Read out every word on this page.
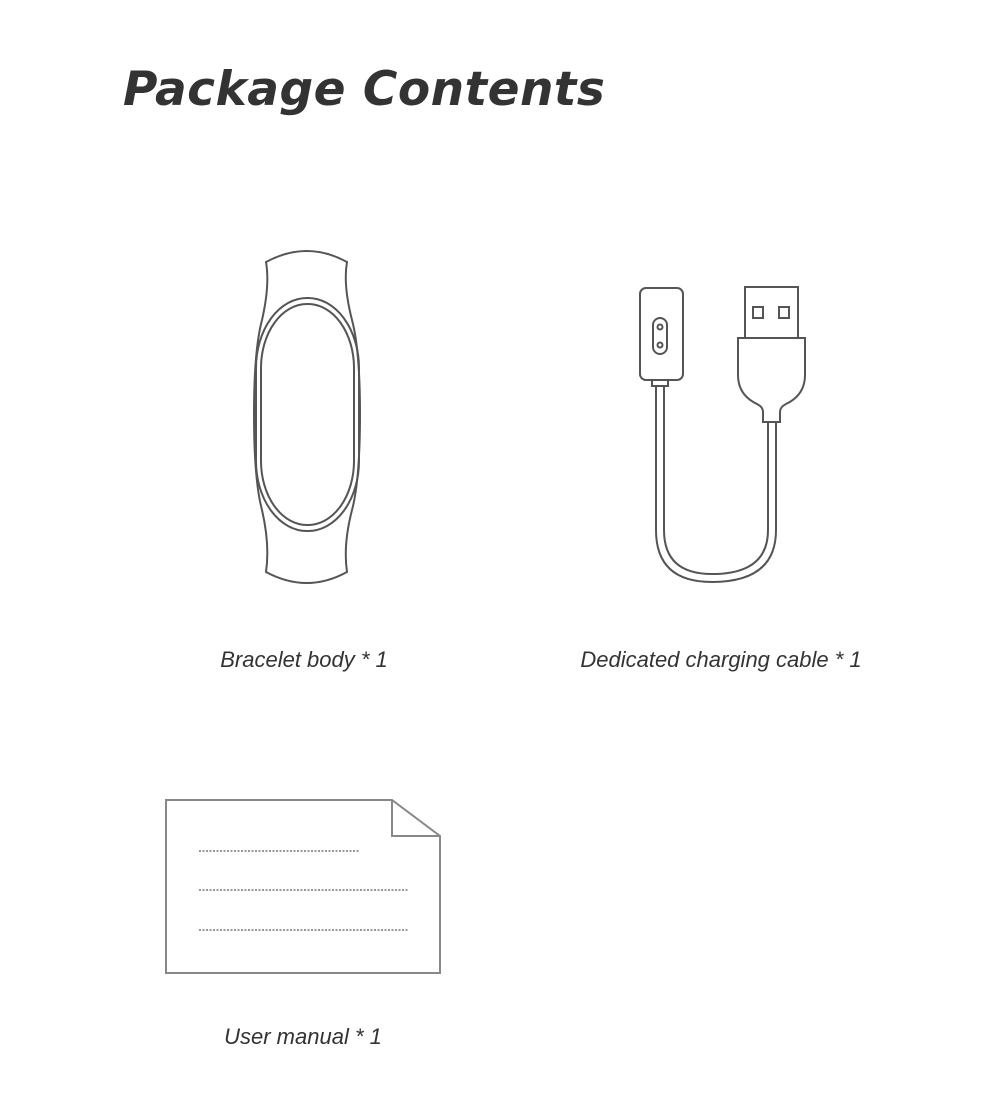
Package Contents
Bracelet body * 1	Dedicated charging cable * 1
User manual * 1
